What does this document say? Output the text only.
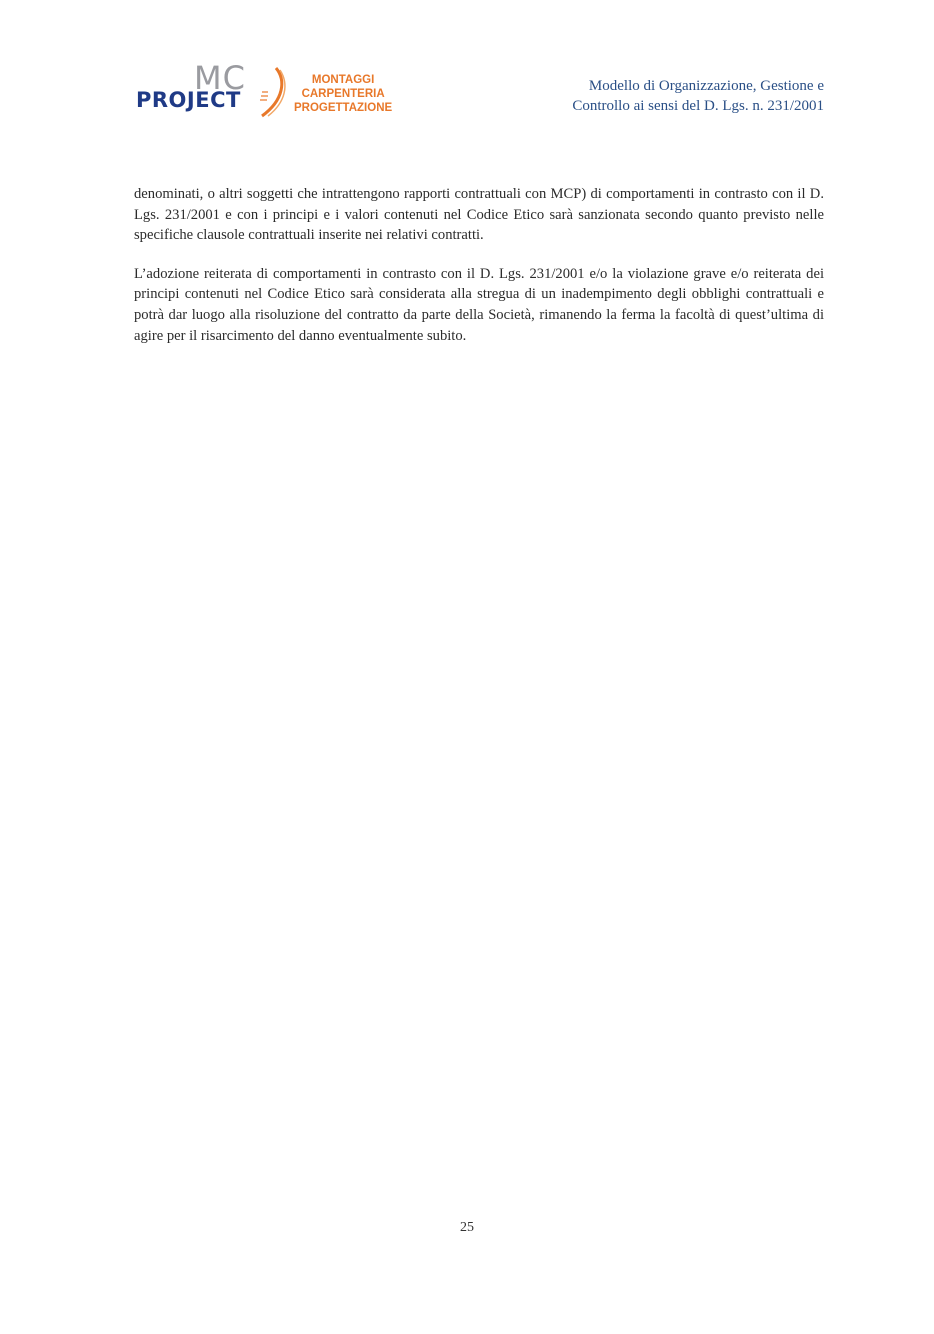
MC
PROJECT
MONTAGGI
CARPENTERIA
PROGETTAZIONE
Modello di Organizzazione, Gestione e
Controllo ai sensi del D. Lgs. n. 231/2001

denominati, o altri soggetti che intrattengono rapporti contrattuali con MCP) di comportamenti in contrasto con il D. Lgs. 231/2001 e con i principi e i valori contenuti nel Codice Etico sarà sanzionata secondo quanto previsto nelle specifiche clausole contrattuali inserite nei relativi contratti.

L’adozione reiterata di comportamenti in contrasto con il D. Lgs. 231/2001 e/o la violazione grave e/o reiterata dei principi contenuti nel Codice Etico sarà considerata alla stregua di un inadempimento degli obblighi contrattuali e potrà dar luogo alla risoluzione del contratto da parte della Società, rimanendo la ferma la facoltà di quest’ultima di agire per il risarcimento del danno eventualmente subito.

25
